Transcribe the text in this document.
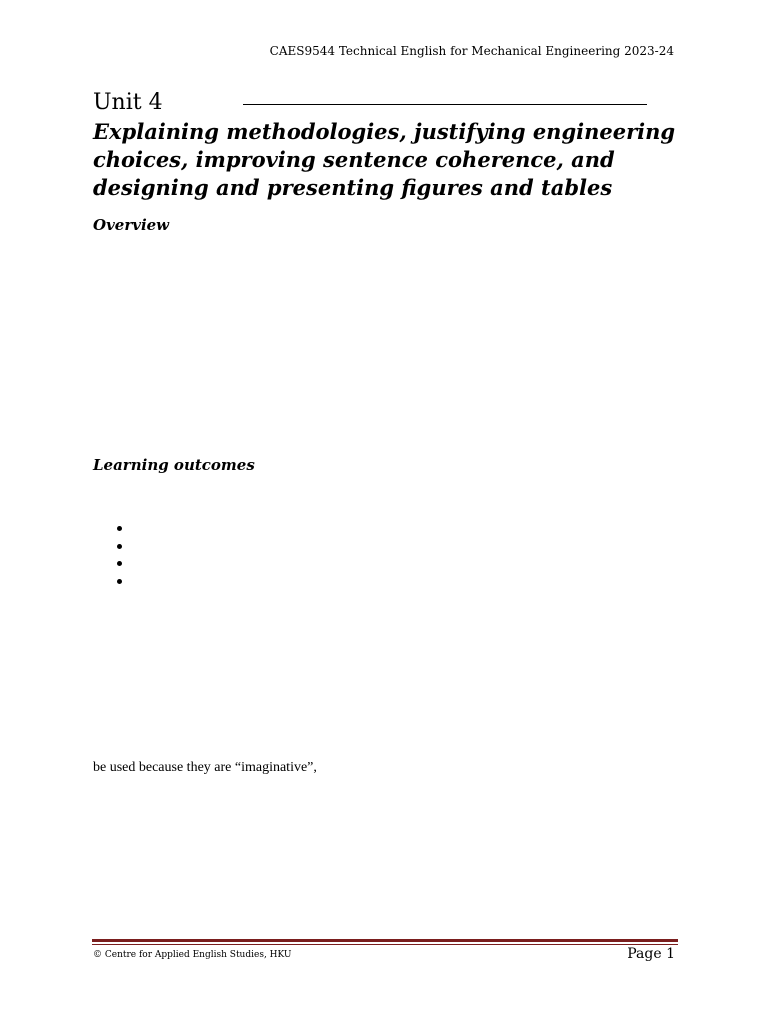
CAES9544 Technical English for Mechanical Engineering 2023-24
Unit 4
Explaining methodologies, justifying engineering choices, improving sentence coherence, and designing and presenting figures and tables
Overview
Learning outcomes
be used because they are “imaginative”,
© Centre for Applied English Studies, HKU	Page 1
